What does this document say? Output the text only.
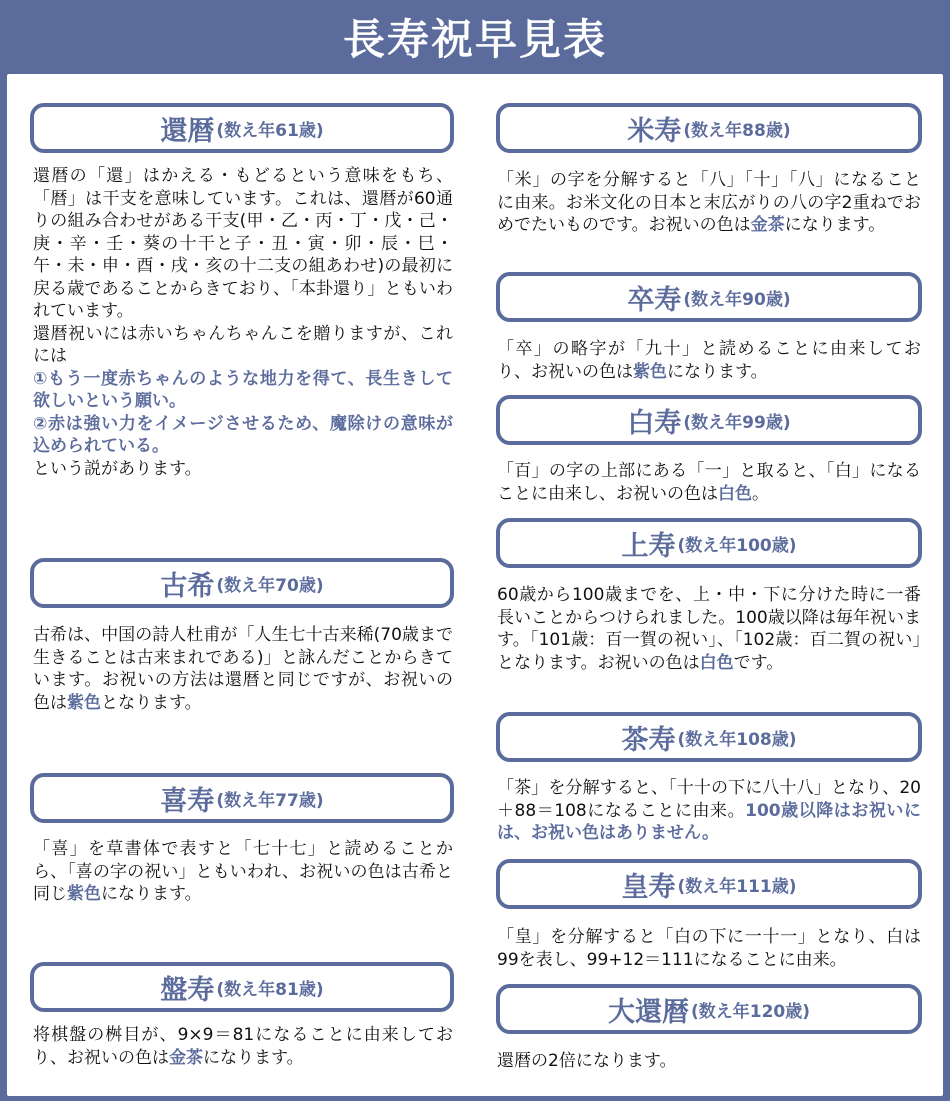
長寿祝早見表
還暦 (数え年61歳)

還暦の「還」はかえる・もどるという意味をもち、「暦」は干支を意味しています。これは、還暦が60通りの組み合わせがある干支(甲・乙・丙・丁・戊・己・庚・辛・壬・葵の十干と子・丑・寅・卯・辰・巳・午・未・申・酉・戌・亥の十二支の組あわせ)の最初に戻る歳であることからきており、「本卦還り」ともいわれています。

還暦祝いには赤いちゃんちゃんこを贈りますが、これには

①もう一度赤ちゃんのような地力を得て、長生きして欲しいという願い。

②赤は強い力をイメージさせるため、魔除けの意味が込められている。

という説があります。

古希 (数え年70歳)
古希は、中国の詩人杜甫が「人生七十古来稀(70歳まで生きることは古来まれである)」と詠んだことからきています。お祝いの方法は還暦と同じですが、お祝いの色は紫色となります。
喜寿 (数え年77歳)
「喜」を草書体で表すと「七十七」と読めることから、「喜の字の祝い」ともいわれ、お祝いの色は古希と同じ紫色になります。
盤寿 (数え年81歳)
将棋盤の桝目が、9×9＝81になることに由来しており、お祝いの色は金茶になります。
米寿 (数え年88歳)
「米」の字を分解すると「八」「十」「八」になることに由来。お米文化の日本と末広がりの八の字2重ねでおめでたいものです。お祝いの色は金茶になります。
卒寿 (数え年90歳)
「卒」の略字が「九十」と読めることに由来しており、お祝いの色は紫色になります。
白寿 (数え年99歳)
「百」の字の上部にある「一」と取ると、「白」になることに由来し、お祝いの色は白色。
上寿 (数え年100歳)
60歳から100歳までを、上・中・下に分けた時に一番長いことからつけられました。100歳以降は毎年祝います。「101歳：百一賀の祝い」、「102歳：百二賀の祝い」となります。お祝いの色は白色です。
茶寿 (数え年108歳)
「茶」を分解すると、「十十の下に八十八」となり、20＋88＝108になることに由来。100歳以降はお祝いには、お祝い色はありません。
皇寿 (数え年111歳)
「皇」を分解すると「白の下に一十一」となり、白は99を表し、99+12＝111になることに由来。
大還暦 (数え年120歳)
還暦の2倍になります。
